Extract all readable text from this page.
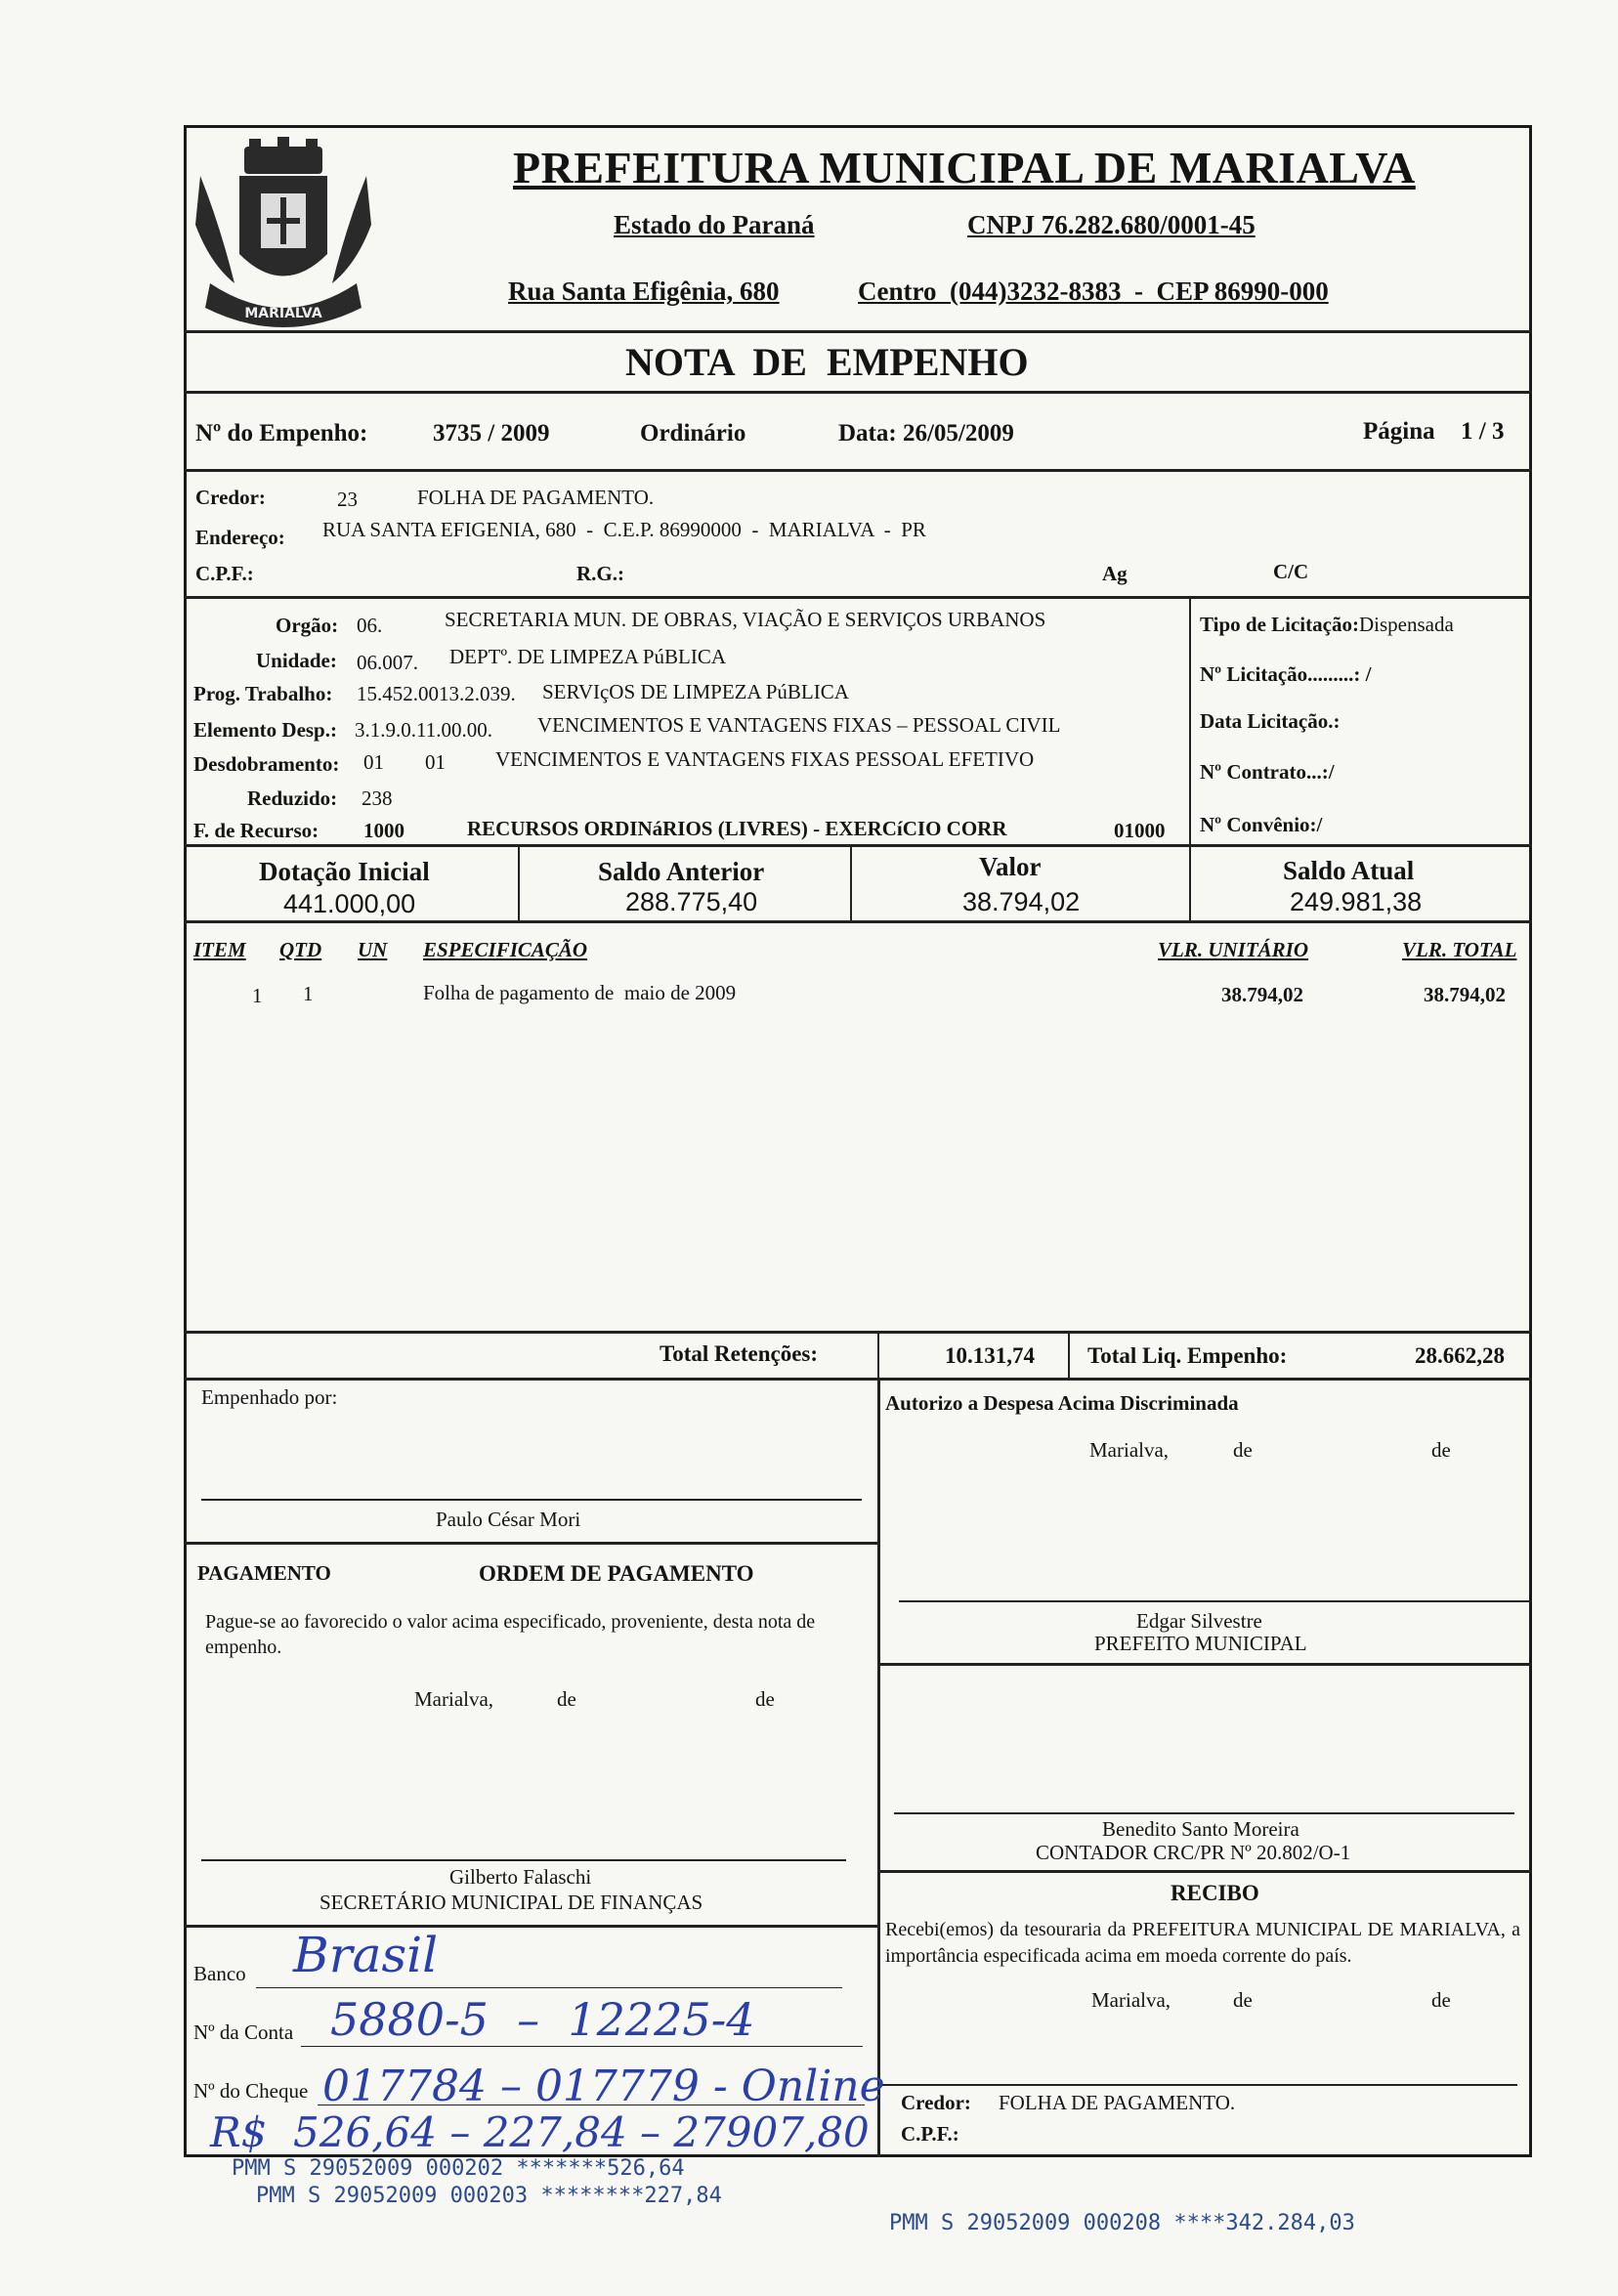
MARIALVA
PREFEITURA MUNICIPAL DE MARIALVA
Estado do Paraná	CNPJ 76.282.680/0001-45
Rua Santa Efigênia, 680	Centro  (044)3232-8383  -  CEP 86990-000
NOTA  DE  EMPENHO
Nº do Empenho:	3735 / 2009	Ordinário	Data: 26/05/2009	Página 1 / 3
Credor:	23	FOLHA DE PAGAMENTO.
Endereço: RUA SANTA EFIGENIA, 680  -  C.E.P. 86990000  -  MARIALVA  -  PR
C.P.F.:	R.G.:	Ag	C/C
Orgão: 06.	SECRETARIA MUN. DE OBRAS, VIAÇÃO E SERVIÇOS URBANOS
Unidade: 06.007. DEPTº. DE LIMPEZA PúBLICA
Prog. Trabalho: 15.452.0013.2.039. SERVIçOS DE LIMPEZA PúBLICA
Elemento Desp.: 3.1.9.0.11.00.00. VENCIMENTOS E VANTAGENS FIXAS – PESSOAL CIVIL
Desdobramento: 01 01 VENCIMENTOS E VANTAGENS FIXAS PESSOAL EFETIVO
Reduzido: 238
F. de Recurso: 1000	RECURSOS ORDINáRIOS (LIVRES) - EXERCíCIO CORR	01000
Tipo de Licitação:Dispensada
Nº Licitação.........: /
Data Licitação.:
Nº Contrato...:/
Nº Convênio:/
Dotação Inicial
441.000,00
Saldo Anterior
288.775,40
Valor
38.794,02
Saldo Atual
249.981,38
ITEM QTD UN ESPECIFICAÇÃO	VLR. UNITÁRIO	VLR. TOTAL
1 1	Folha de pagamento de  maio de 2009	38.794,02	38.794,02
Total Retenções:	10.131,74 Total Liq. Empenho:	28.662,28
Empenhado por:
Paulo César Mori
Autorizo a Despesa Acima Discriminada
Marialva,	de	de
Edgar Silvestre
PREFEITO MUNICIPAL
PAGAMENTO	ORDEM DE PAGAMENTO
Pague-se ao favorecido o valor acima especificado, proveniente, desta nota de empenho.
Marialva,	de	de
Gilberto Falaschi
SECRETÁRIO MUNICIPAL DE FINANÇAS
Benedito Santo Moreira
CONTADOR CRC/PR Nº 20.802/O-1
RECIBO
Recebi(emos) da tesouraria da PREFEITURA MUNICIPAL DE MARIALVA, a importância especificada acima em moeda corrente do país.
Marialva,	de	de
Credor: FOLHA DE PAGAMENTO.
C.P.F.:
Banco Brasil
Nº da Conta 5880-5  –  12225-4
Nº do Cheque 017784 – 017779 - Online
R$  526,64 – 227,84 – 27907,80
PMM S 29052009 000202 *******526,64
PMM S 29052009 000203 ********227,84
PMM S 29052009 000208 ****342.284,03
